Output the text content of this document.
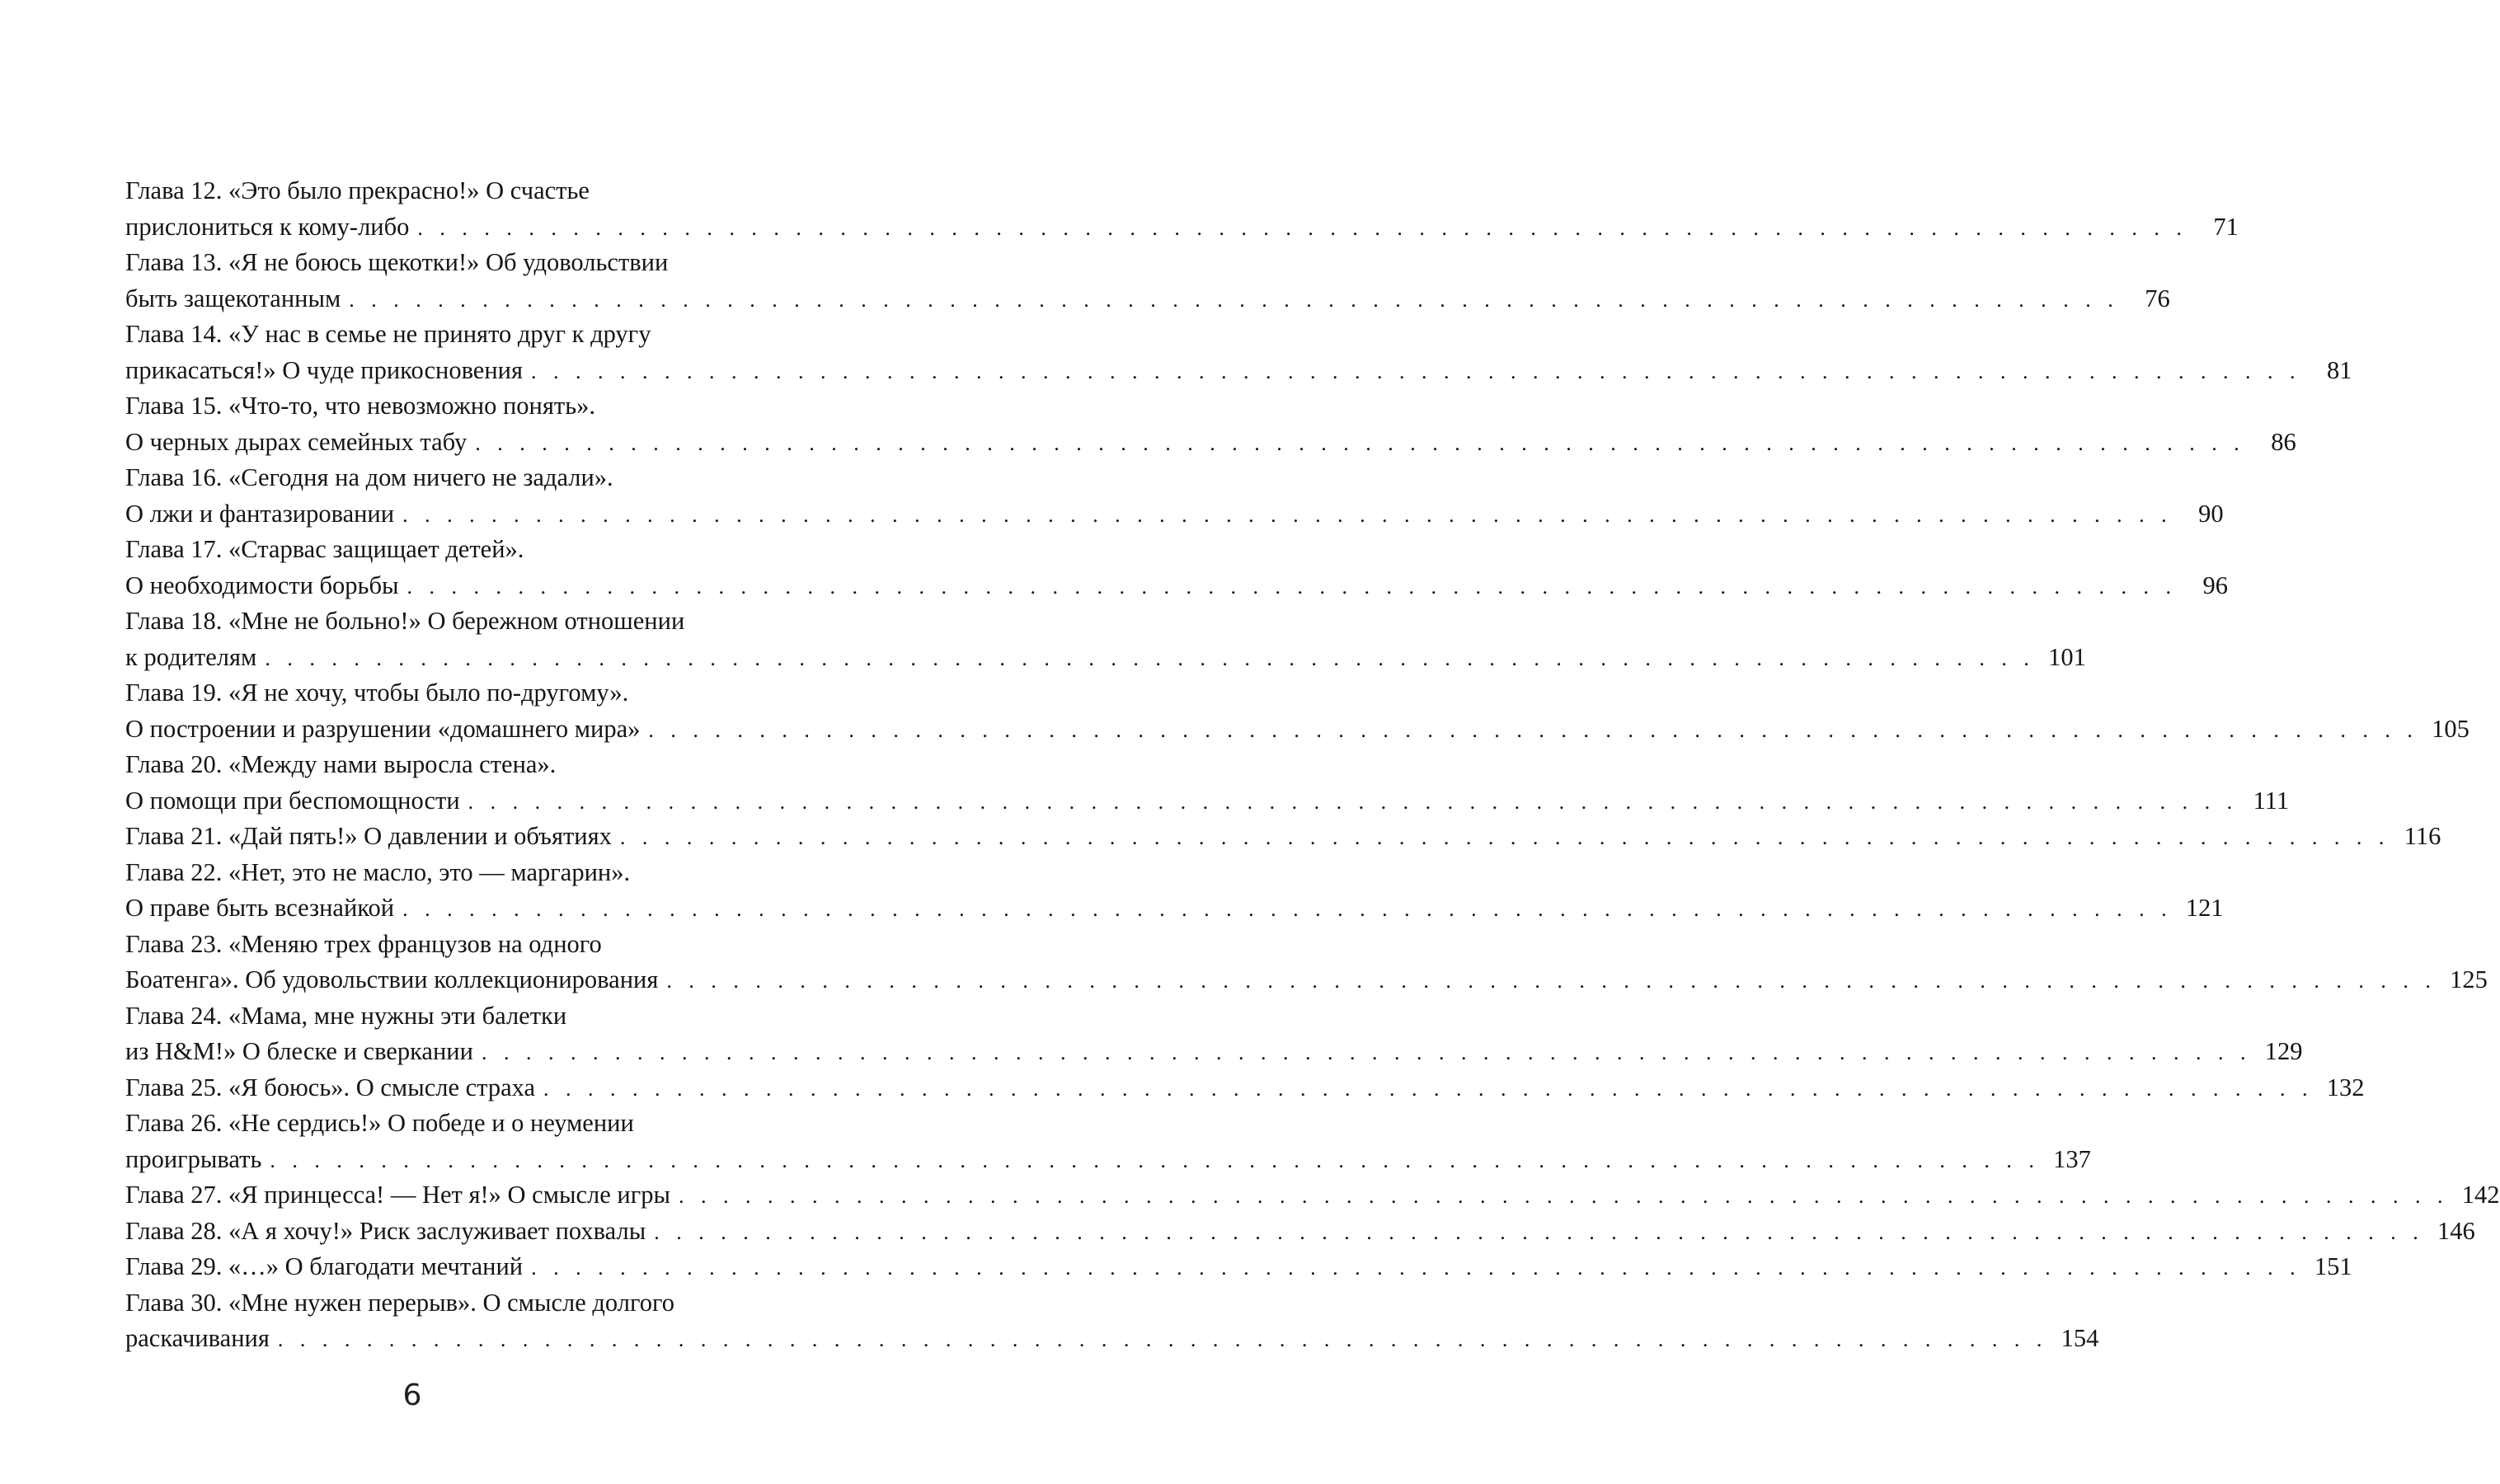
Глава 12. «Это было прекрасно!» О счастье
прислониться к кому-либо . . . . . . . . . . . . . . . . . . . . . . . . . . . . . . . . . . . . . . . . . . . . . . . . . . . . . . . . . . . . . . . . . . . . . . . . . . . . . . . .	71
Глава 13. «Я не боюсь щекотки!» Об удовольствии
быть защекотанным . . . . . . . . . . . . . . . . . . . . . . . . . . . . . . . . . . . . . . . . . . . . . . . . . . . . . . . . . . . . . . . . . . . . . . . . . . . . . . . .	76
Глава 14. «У нас в семье не принято друг к другу
прикасаться!» О чуде прикосновения . . . . . . . . . . . . . . . . . . . . . . . . . . . . . . . . . . . . . . . . . . . . . . . . . . . . . . . . . . . . . . . . . . . . . . . . . . . . . . . .	81
Глава 15. «Что-то, что невозможно понять».
О черных дырах семейных табу . . . . . . . . . . . . . . . . . . . . . . . . . . . . . . . . . . . . . . . . . . . . . . . . . . . . . . . . . . . . . . . . . . . . . . . . . . . . . . . .	86
Глава 16. «Сегодня на дом ничего не задали».
О лжи и фантазировании . . . . . . . . . . . . . . . . . . . . . . . . . . . . . . . . . . . . . . . . . . . . . . . . . . . . . . . . . . . . . . . . . . . . . . . . . . . . . . . .	90
Глава 17. «Старвас защищает детей».
О необходимости борьбы . . . . . . . . . . . . . . . . . . . . . . . . . . . . . . . . . . . . . . . . . . . . . . . . . . . . . . . . . . . . . . . . . . . . . . . . . . . . . . . .	96
Глава 18. «Мне не больно!» О бережном отношении
к родителям . . . . . . . . . . . . . . . . . . . . . . . . . . . . . . . . . . . . . . . . . . . . . . . . . . . . . . . . . . . . . . . . . . . . . . . . . . . . . . . . 101
Глава 19. «Я не хочу, чтобы было по-другому».
О построении и разрушении «домашнего мира» . . . . . . . . . . . . . . . . . . . . . . . . . . . . . . . . . . . . . . . . . . . . . . . . . . . . . . . . . . . . . . . . . . . . . . . . . . . . . . . . 105
Глава 20. «Между нами выросла стена».
О помощи при беспомощности . . . . . . . . . . . . . . . . . . . . . . . . . . . . . . . . . . . . . . . . . . . . . . . . . . . . . . . . . . . . . . . . . . . . . . . . . . . . . . . . 111
Глава 21. «Дай пять!» О давлении и объятиях . . . . . . . . . . . . . . . . . . . . . . . . . . . . . . . . . . . . . . . . . . . . . . . . . . . . . . . . . . . . . . . . . . . . . . . . . . . . . . . . 116
Глава 22. «Нет, это не масло, это — маргарин».
О праве быть всезнайкой . . . . . . . . . . . . . . . . . . . . . . . . . . . . . . . . . . . . . . . . . . . . . . . . . . . . . . . . . . . . . . . . . . . . . . . . . . . . . . . . 121
Глава 23. «Меняю трех французов на одного
Боатенга». Об удовольствии коллекционирования . . . . . . . . . . . . . . . . . . . . . . . . . . . . . . . . . . . . . . . . . . . . . . . . . . . . . . . . . . . . . . . . . . . . . . . . . . . . . . . . 125
Глава 24. «Мама, мне нужны эти балетки
из H&M!» О блеске и сверкании . . . . . . . . . . . . . . . . . . . . . . . . . . . . . . . . . . . . . . . . . . . . . . . . . . . . . . . . . . . . . . . . . . . . . . . . . . . . . . . . 129
Глава 25. «Я боюсь». О смысле страха . . . . . . . . . . . . . . . . . . . . . . . . . . . . . . . . . . . . . . . . . . . . . . . . . . . . . . . . . . . . . . . . . . . . . . . . . . . . . . . . 132
Глава 26. «Не сердись!» О победе и о неумении
проигрывать . . . . . . . . . . . . . . . . . . . . . . . . . . . . . . . . . . . . . . . . . . . . . . . . . . . . . . . . . . . . . . . . . . . . . . . . . . . . . . . . 137
Глава 27. «Я принцесса! — Нет я!» О смысле игры . . . . . . . . . . . . . . . . . . . . . . . . . . . . . . . . . . . . . . . . . . . . . . . . . . . . . . . . . . . . . . . . . . . . . . . . . . . . . . . . 142
Глава 28. «А я хочу!» Риск заслуживает похвалы . . . . . . . . . . . . . . . . . . . . . . . . . . . . . . . . . . . . . . . . . . . . . . . . . . . . . . . . . . . . . . . . . . . . . . . . . . . . . . . . 146
Глава 29. «…» О благодати мечтаний . . . . . . . . . . . . . . . . . . . . . . . . . . . . . . . . . . . . . . . . . . . . . . . . . . . . . . . . . . . . . . . . . . . . . . . . . . . . . . . . 151
Глава 30. «Мне нужен перерыв». О смысле долгого
раскачивания . . . . . . . . . . . . . . . . . . . . . . . . . . . . . . . . . . . . . . . . . . . . . . . . . . . . . . . . . . . . . . . . . . . . . . . . . . . . . . . . 154
6
